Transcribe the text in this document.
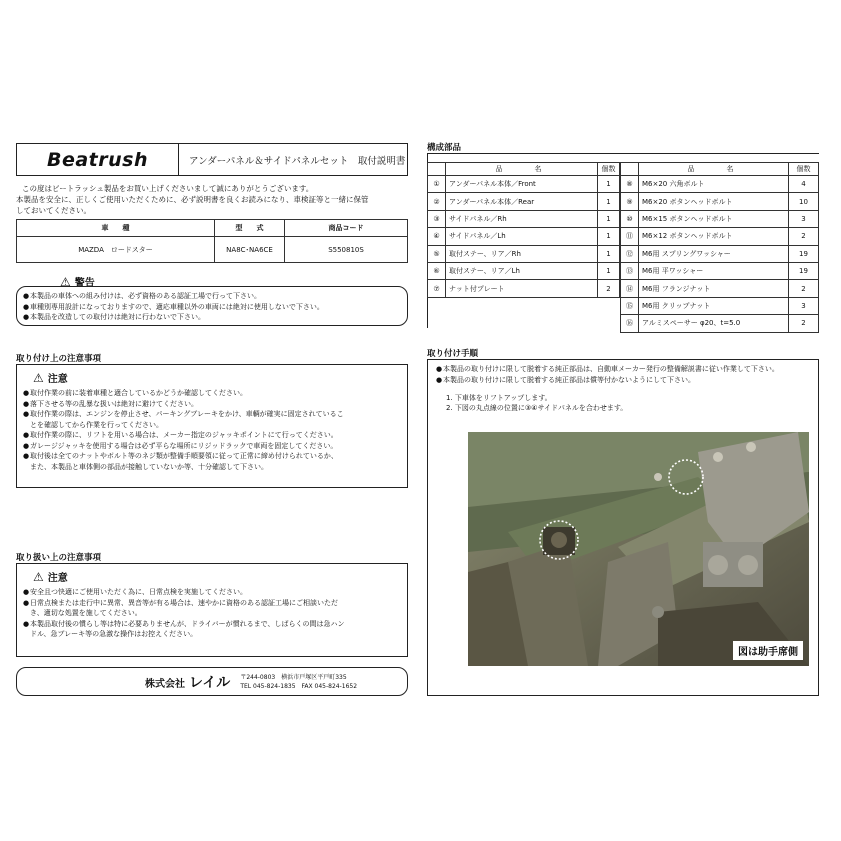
Beatrush	アンダーパネル＆サイドパネルセット　取付説明書
この度はビートラッシュ製品をお買い上げくださいまして誠にありがとうございます。
本製品を安全に、正しくご使用いただくために、必ず説明書を良くお読みになり、車検証等と一緒に保管
しておいてください。
車　　種	型　　式	商品コード
MAZDA　ロードスター	NA8C･NA6CE	S550810S
⚠ 警告
●本製品の車体への組み付けは、必ず資格のある認証工場で行って下さい。
●車種別専用設計になっておりますので、適応車種以外の車両には絶対に使用しないで下さい。
●本製品を改造しての取付けは絶対に行わないで下さい。
取り付け上の注意事項
⚠ 注意
●取付作業の前に装着車種と適合しているかどうか確認してください。
●落下させる等の乱暴な扱いは絶対に避けてください。
●取付作業の際は、エンジンを停止させ、パーキングブレーキをかけ、車輌が確実に固定されているこ
とを確認してから作業を行ってください。
●取付作業の際に、リフトを用いる場合は、メーカー指定のジャッキポイントにて行ってください。
●ガレージジャッキを使用する場合は必ず平らな場所にリジッドラックで車両を固定してください。
●取付後は全てのナットやボルト等のネジ類が整備手順要領に従って正常に締め付けられているか、
また、本製品と車体側の部品が接触していないか等、十分確認して下さい。
取り扱い上の注意事項
⚠ 注意
●安全且つ快適にご使用いただく為に、日常点検を実施してください。
●日常点検または走行中に異常、異音等が有る場合は、速やかに資格のある認証工場にご相談いただ
き、適切な処置を施してください。
●本製品取付後の慣らし等は特に必要ありませんが、ドライバーが慣れるまで、しばらくの間は急ハン
ドル、急ブレーキ等の急激な操作はお控えください。
株式会社 レイル 〒244-0803　横浜市戸塚区平戸町335
TEL 045-824-1835　FAX 045-824-1652
構成部品
	品　　名	個数
①	アンダーパネル本体／Front	1
②	アンダーパネル本体／Rear	1
③	サイドパネル／Rh	1
④	サイドパネル／Lh	1
⑤	取付ステー、リア／Rh	1
⑥	取付ステー、リア／Lh	1
⑦	ナット付プレート	2
	品　　名	個数
⑧	M6×20 六角ボルト	4
⑨	M6×20 ボタンヘッドボルト	10
⑩	M6×15 ボタンヘッドボルト	3
⑪	M6×12 ボタンヘッドボルト	2
⑫	M6用 スプリングワッシャー	19
⑬	M6用 平ワッシャー	19
⑭	M6用 フランジナット	2
⑮	M6用 クリップナット	3
⑯	アルミスペーサー φ20、t=5.0	2
取り付け手順
●本製品の取り付けに限して脱着する純正部品は、自動車メーカー発行の整備解説書に従い作業して下さい。
●本製品の取り付けに限して脱着する純正部品は償等付かないようにして下さい。
1. 下車体をリフトアップします。
2. 下図の丸点線の位置に③④サイドパネルを合わせます。
図は助手席側
